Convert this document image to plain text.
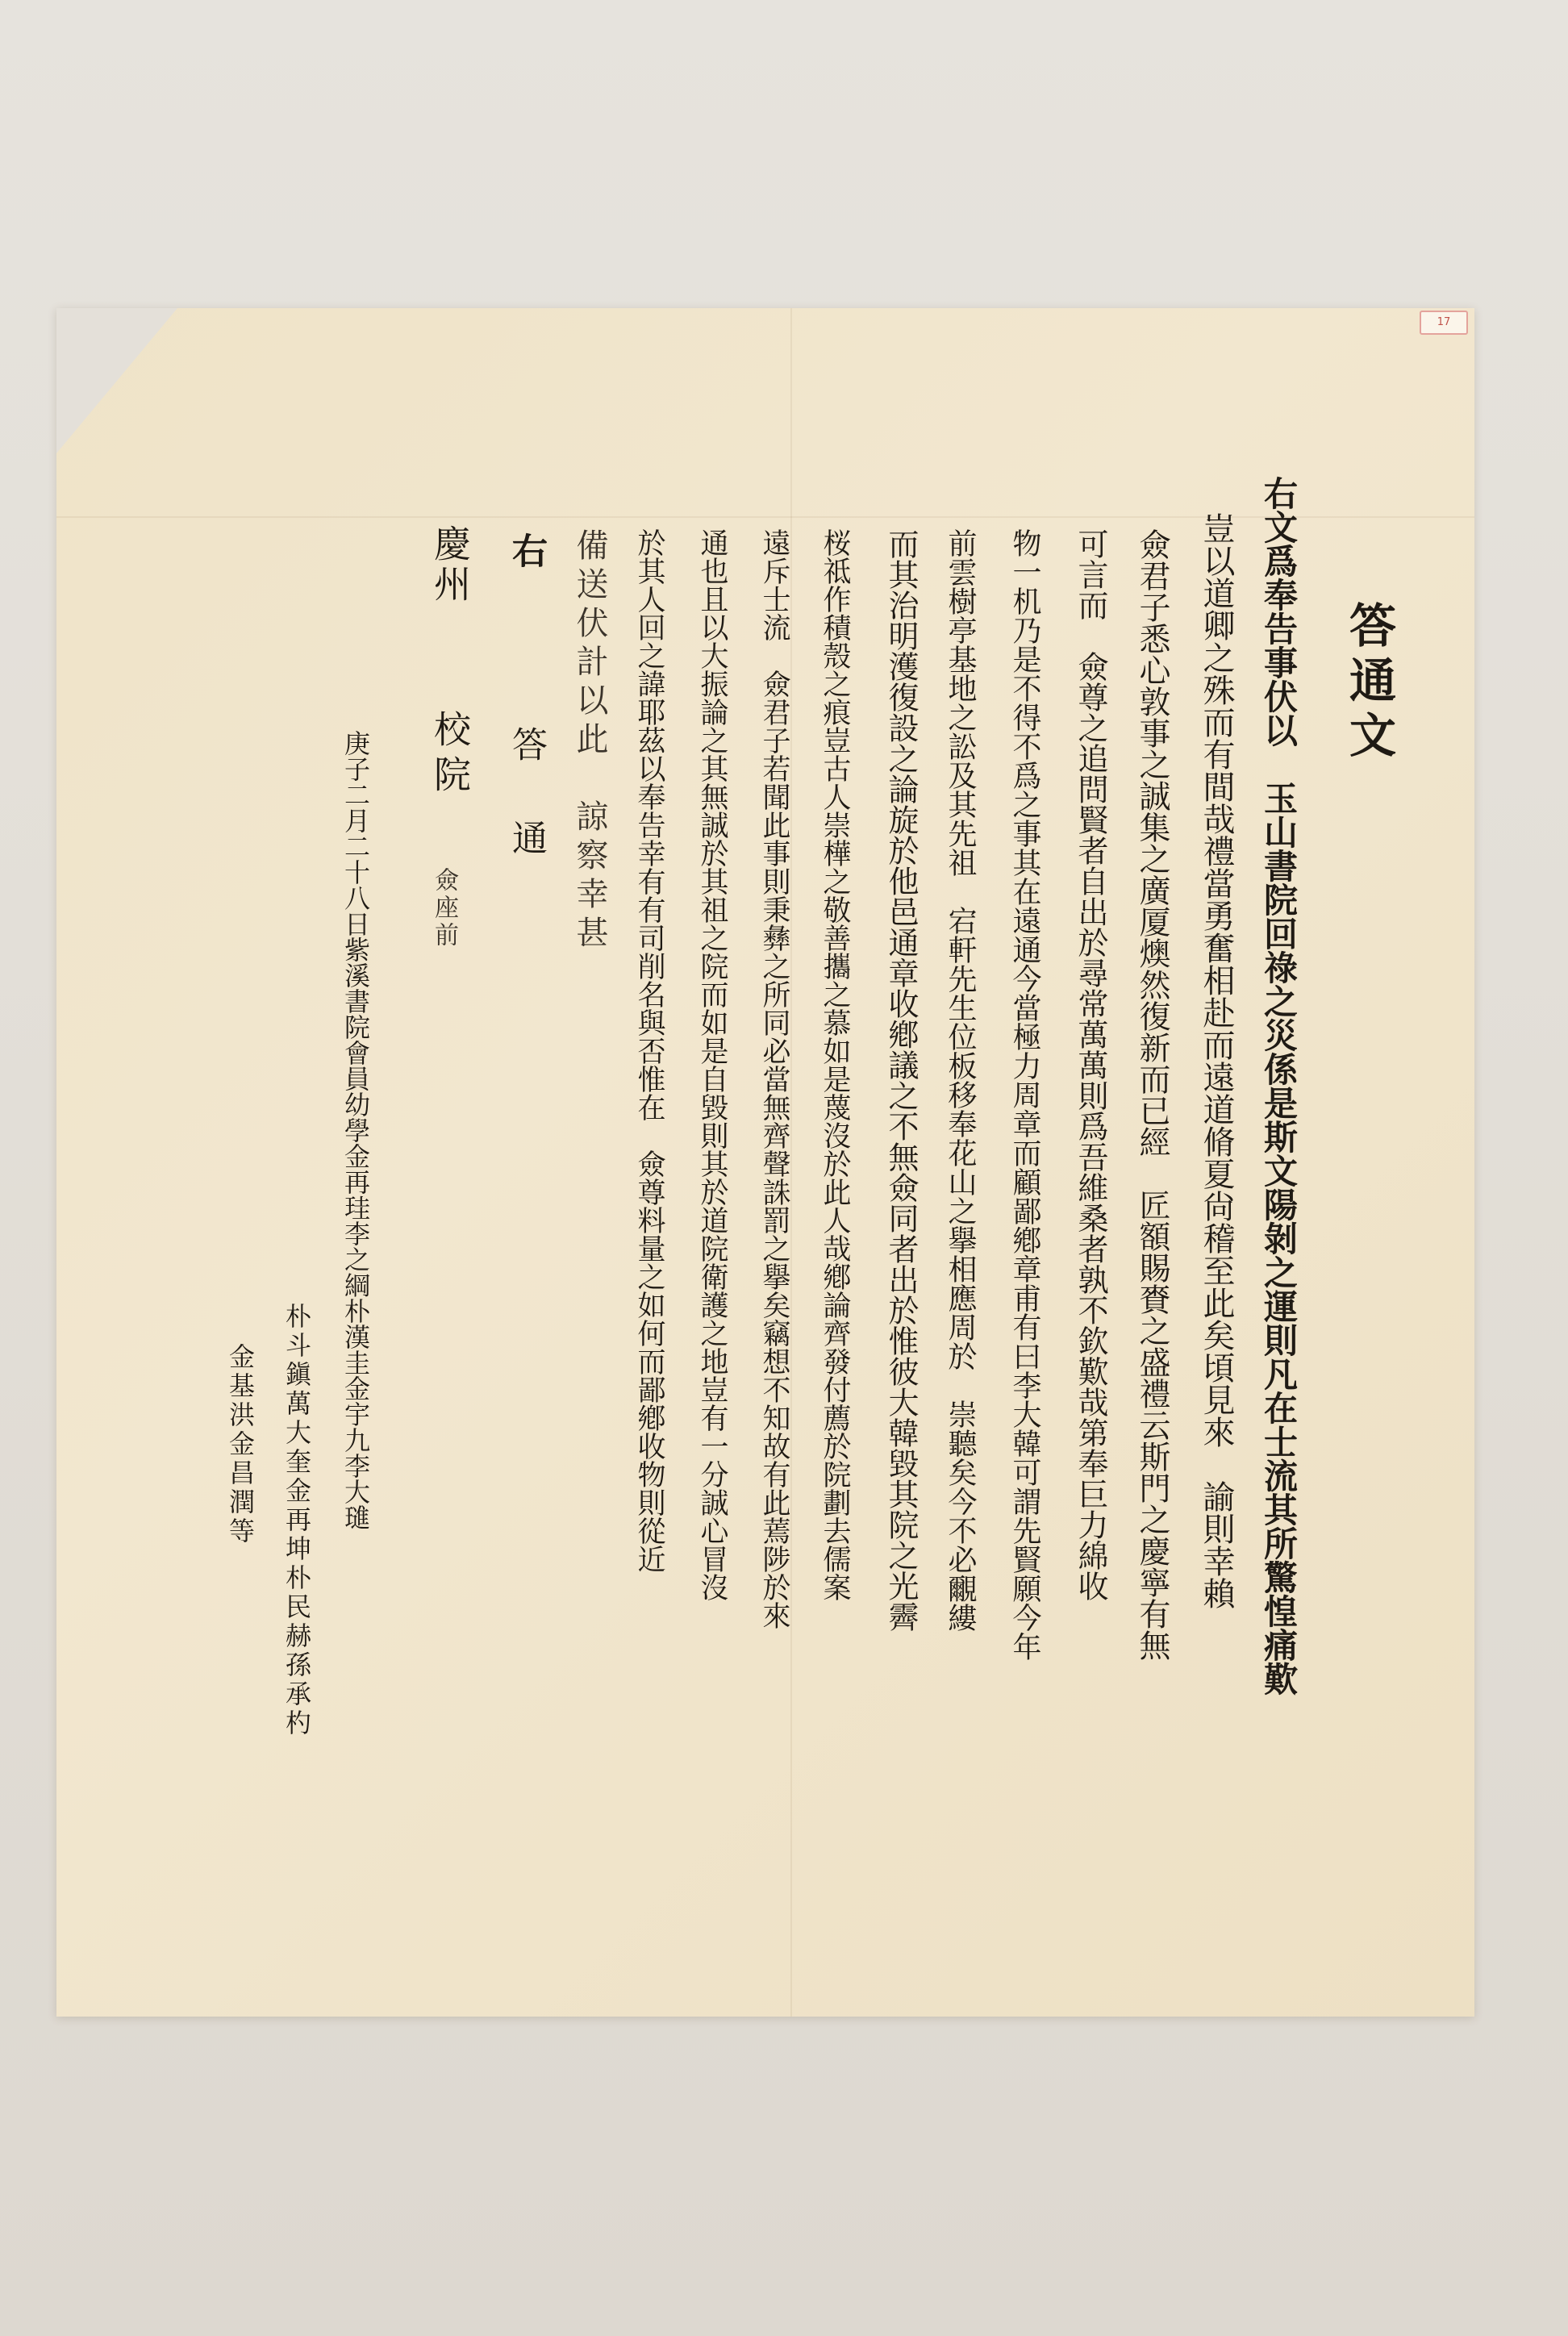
17
答通文
右文爲奉告事伏以　玉山書院回祿之災係是斯文陽剝之運則凡在士流其所驚惶痛歎
豈以道卿之殊而有間哉禮當勇奮相赴而遠道脩夏尙稽至此矣頃見來　諭則幸賴
僉君子悉心敦事之誠集之廣厦燠然復新而已經　匠額賜賚之盛禮云斯門之慶寧有無
可言而　僉尊之追問賢者自出於尋常萬萬則爲吾維桑者孰不欽歎哉第奉巨力綿收
物一机乃是不得不爲之事其在遠通今當極力周章而顧鄙鄕章甫有曰李大韓可謂先賢願今年
前雲樹亭基地之訟及其先祖　宕軒先生位板移奉花山之擧相應周於　崇聽矣今不必覼縷
而其治明濩復設之論旋於他邑通章收鄕議之不無僉同者出於惟彼大韓毀其院之光霽
桜祗作積殼之痕豈古人崇樺之敬善攜之慕如是蔑沒於此人哉鄕論齊發付薦於院劃去儒案
遠斥士流　僉君子若聞此事則秉彝之所同必當無齊聲誅罰之擧矣竊想不知故有此蔫陟於來
通也且以大振論之其無誠於其祖之院而如是自毀則其於道院衛護之地豈有一分誠心冒沒
於其人回之諱耶茲以奉告幸有有司削名與否惟在　僉尊料量之如何而鄙鄕收物則從近
備送伏計以此　諒察幸甚
右
答　通
慶州
校院
僉座前
庚子二月二十八日紫溪書院會員幼學金再珪李之綱朴漢圭金宇九李大璡
朴斗鎭萬大奎金再坤朴民赫孫承杓
金基洪金昌潤等
